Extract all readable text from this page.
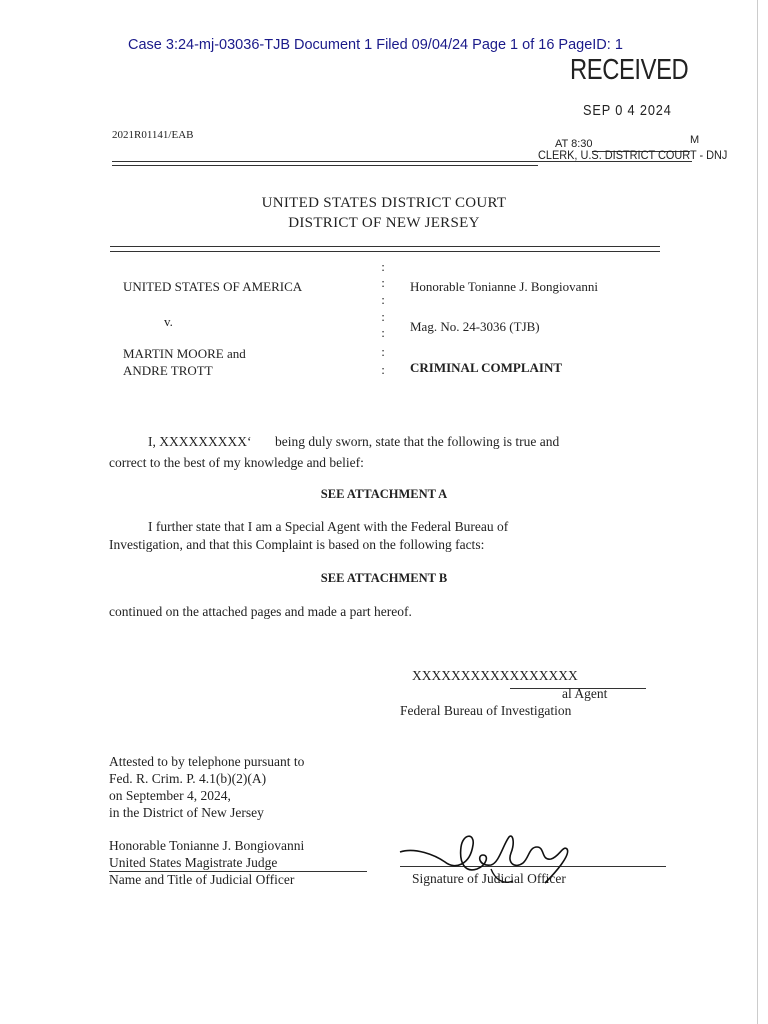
Case 3:24-mj-03036-TJB Document 1 Filed 09/04/24 Page 1 of 16 PageID: 1
RECEIVED
SEP 0 4 2024
AT 8:30	M
CLERK, U.S. DISTRICT COURT - DNJ
2021R01141/EAB
UNITED STATES DISTRICT COURT
DISTRICT OF NEW JERSEY
UNITED STATES OF AMERICA
v.
MARTIN MOORE and
ANDRE TROTT
:
:
:
:
:
:
:
Honorable Tonianne J. Bongiovanni
Mag. No. 24-3036 (TJB)
CRIMINAL COMPLAINT
I, XXXXXXXXXʻ being duly sworn, state that the following is true and
correct to the best of my knowledge and belief:
SEE ATTACHMENT A
I further state that I am a Special Agent with the Federal Bureau of
Investigation, and that this Complaint is based on the following facts:
SEE ATTACHMENT B
continued on the attached pages and made a part hereof.
XXXXXXXXXXXXXXXXX
al Agent
Federal Bureau of Investigation
Attested to by telephone pursuant to
Fed. R. Crim. P. 4.1(b)(2)(A)
on September 4, 2024,
in the District of New Jersey
Honorable Tonianne J. Bongiovanni
United States Magistrate Judge
Name and Title of Judicial Officer	Signature of Judicial Officer
